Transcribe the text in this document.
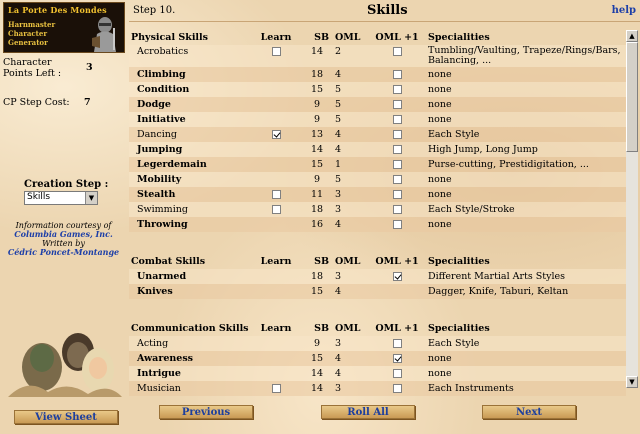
La Porte Des Mondes
Harnmaster
Character
Generator
Character Points Left :
3
CP Step Cost: 7
Creation Step :
Skills	▼
Information courtesy of
Columbia Games, Inc.
Written by
Cédric Poncet-Montange
View Sheet
Step 10.	Skills	help
Physical Skills	Learn	SB	OML	OML +1	Specialities
Acrobatics		14	2		Tumbling/Vaulting, Trapeze/Rings/Bars, Balancing, ...
Climbing		18	4		none
Condition		15	5		none
Dodge		9	5		none
Initiative		9	5		none
Dancing		13	4		Each Style
Jumping		14	4		High Jump, Long Jump
Legerdemain		15	1		Purse-cutting, Prestidigitation, ...
Mobility		9	5		none
Stealth		11	3		none
Swimming		18	3		Each Style/Stroke
Throwing		16	4		none

Combat Skills	Learn	SB	OML	OML +1	Specialities
Unarmed		18	3		Different Martial Arts Styles
Knives		15	4		Dagger, Knife, Taburi, Keltan

Communication Skills	Learn	SB	OML	OML +1	Specialities
Acting		9	3		Each Style
Awareness		15	4		none
Intrigue		14	4		none
Musician		14	3		Each Instruments
▲
▼
Previous	Roll All	Next
